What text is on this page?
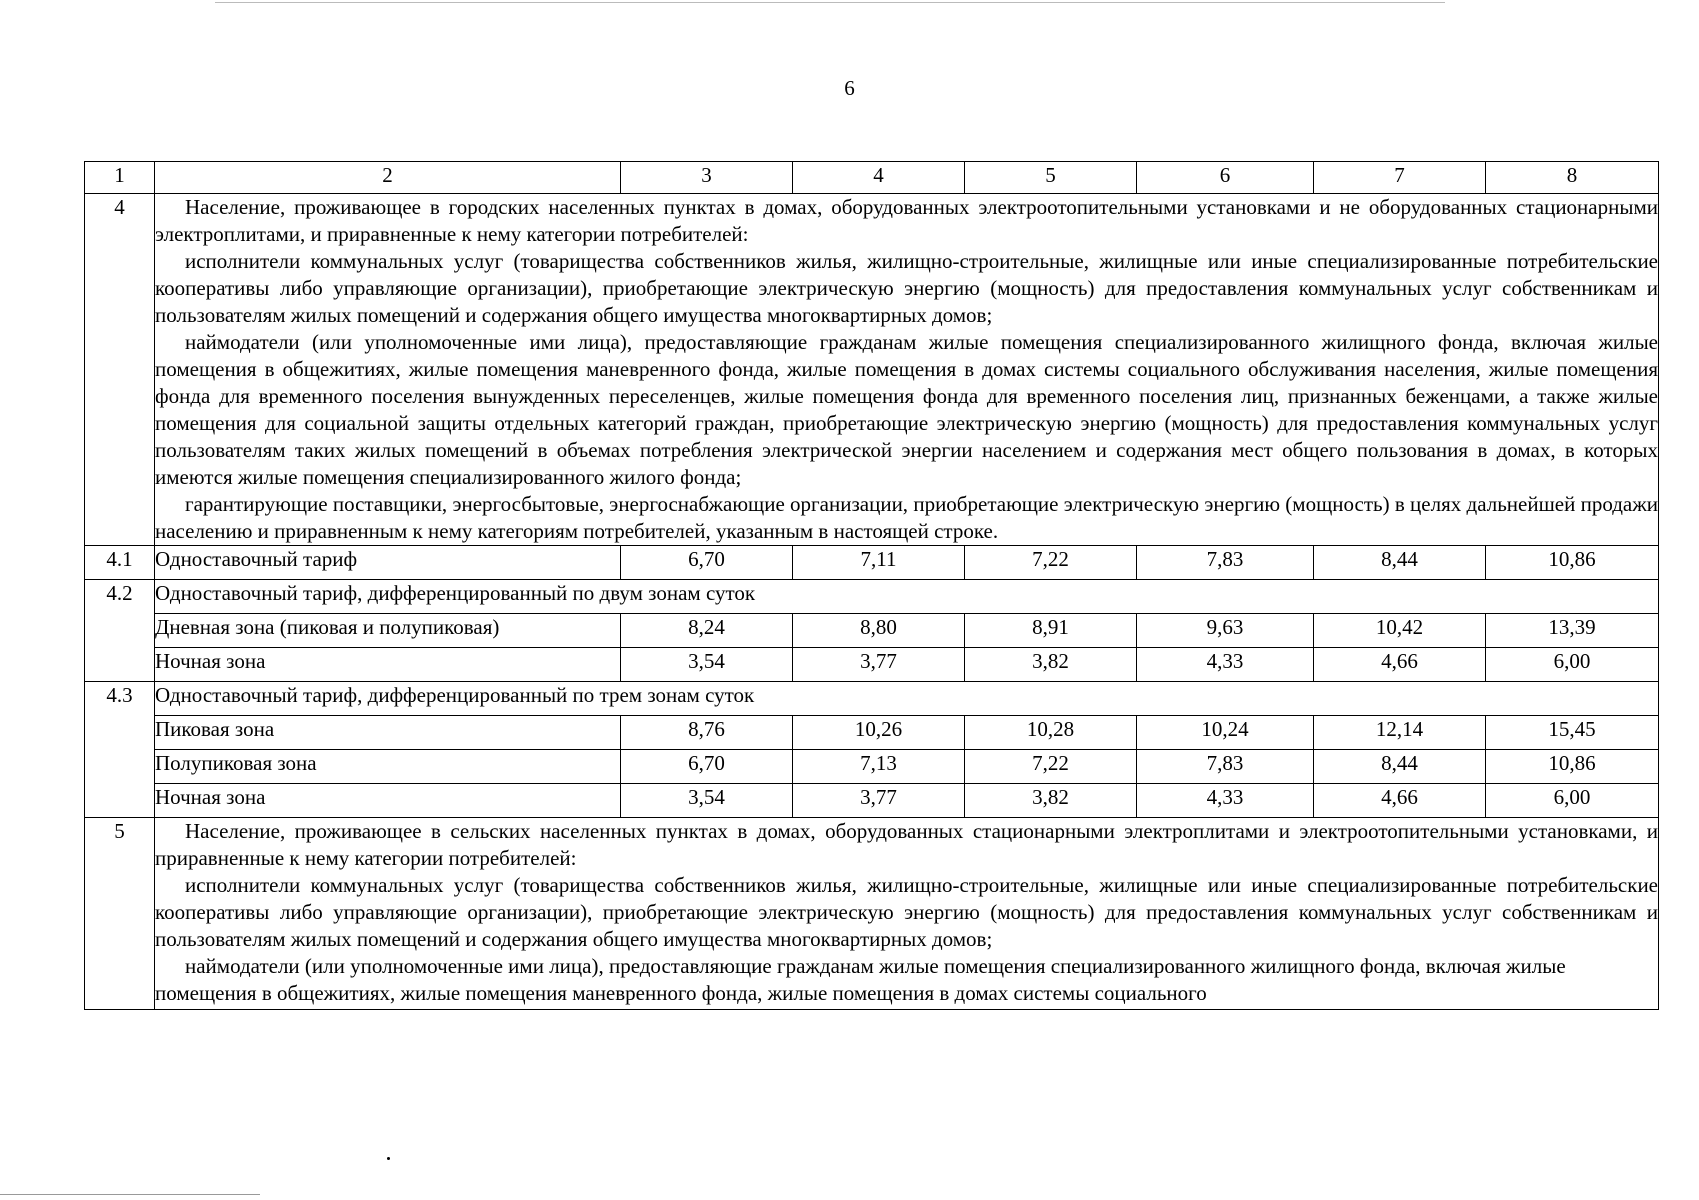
6
1	2	3	4	5	6	7	8
4	Население, проживающее в городских населенных пунктах в домах, оборудованных электроотопительными установками и не оборудованных стационарными электроплитами, и приравненные к нему категории потребителей:

исполнители коммунальных услуг (товарищества собственников жилья, жилищно-строительные, жилищные или иные специализированные потребительские кооперативы либо управляющие организации), приобретающие электрическую энергию (мощность) для предоставления коммунальных услуг собственникам и пользователям жилых помещений и содержания общего имущества многоквартирных домов;

наймодатели (или уполномоченные ими лица), предоставляющие гражданам жилые помещения специализированного жилищного фонда, включая жилые помещения в общежитиях, жилые помещения маневренного фонда, жилые помещения в домах системы социального обслуживания населения, жилые помещения фонда для временного поселения вынужденных переселенцев, жилые помещения фонда для временного поселения лиц, признанных беженцами, а также жилые помещения для социальной защиты отдельных категорий граждан, приобретающие электрическую энергию (мощность) для предоставления коммунальных услуг пользователям таких жилых помещений в объемах потребления электрической энергии населением и содержания мест общего пользования в домах, в которых имеются жилые помещения специализированного жилого фонда;

гарантирующие поставщики, энергосбытовые, энергоснабжающие организации, приобретающие электрическую энергию (мощность) в целях дальнейшей продажи населению и приравненным к нему категориям потребителей, указанным в настоящей строке.						

4.1	Одноставочный тариф	6,70	7,11	7,22	7,83	8,44	10,86
4.2	Одноставочный тариф, дифференцированный по двум зонам суток						
	Дневная зона (пиковая и полупиковая)	8,24	8,80	8,91	9,63	10,42	13,39
	Ночная зона	3,54	3,77	3,82	4,33	4,66	6,00
4.3	Одноставочный тариф, дифференцированный по трем зонам суток						
	Пиковая зона	8,76	10,26	10,28	10,24	12,14	15,45
	Полупиковая зона	6,70	7,13	7,22	7,83	8,44	10,86
	Ночная зона	3,54	3,77	3,82	4,33	4,66	6,00
5	Население, проживающее в сельских населенных пунктах в домах, оборудованных стационарными электроплитами и электроотопительными установками, и приравненные к нему категории потребителей:

исполнители коммунальных услуг (товарищества собственников жилья, жилищно-строительные, жилищные или иные специализированные потребительские кооперативы либо управляющие организации), приобретающие электрическую энергию (мощность) для предоставления коммунальных услуг собственникам и пользователям жилых помещений и содержания общего имущества многоквартирных домов;

наймодатели (или уполномоченные ими лица), предоставляющие гражданам жилые помещения специализированного жилищного фонда, включая жилые помещения в общежитиях, жилые помещения маневренного фонда, жилые помещения в домах системы социального						
